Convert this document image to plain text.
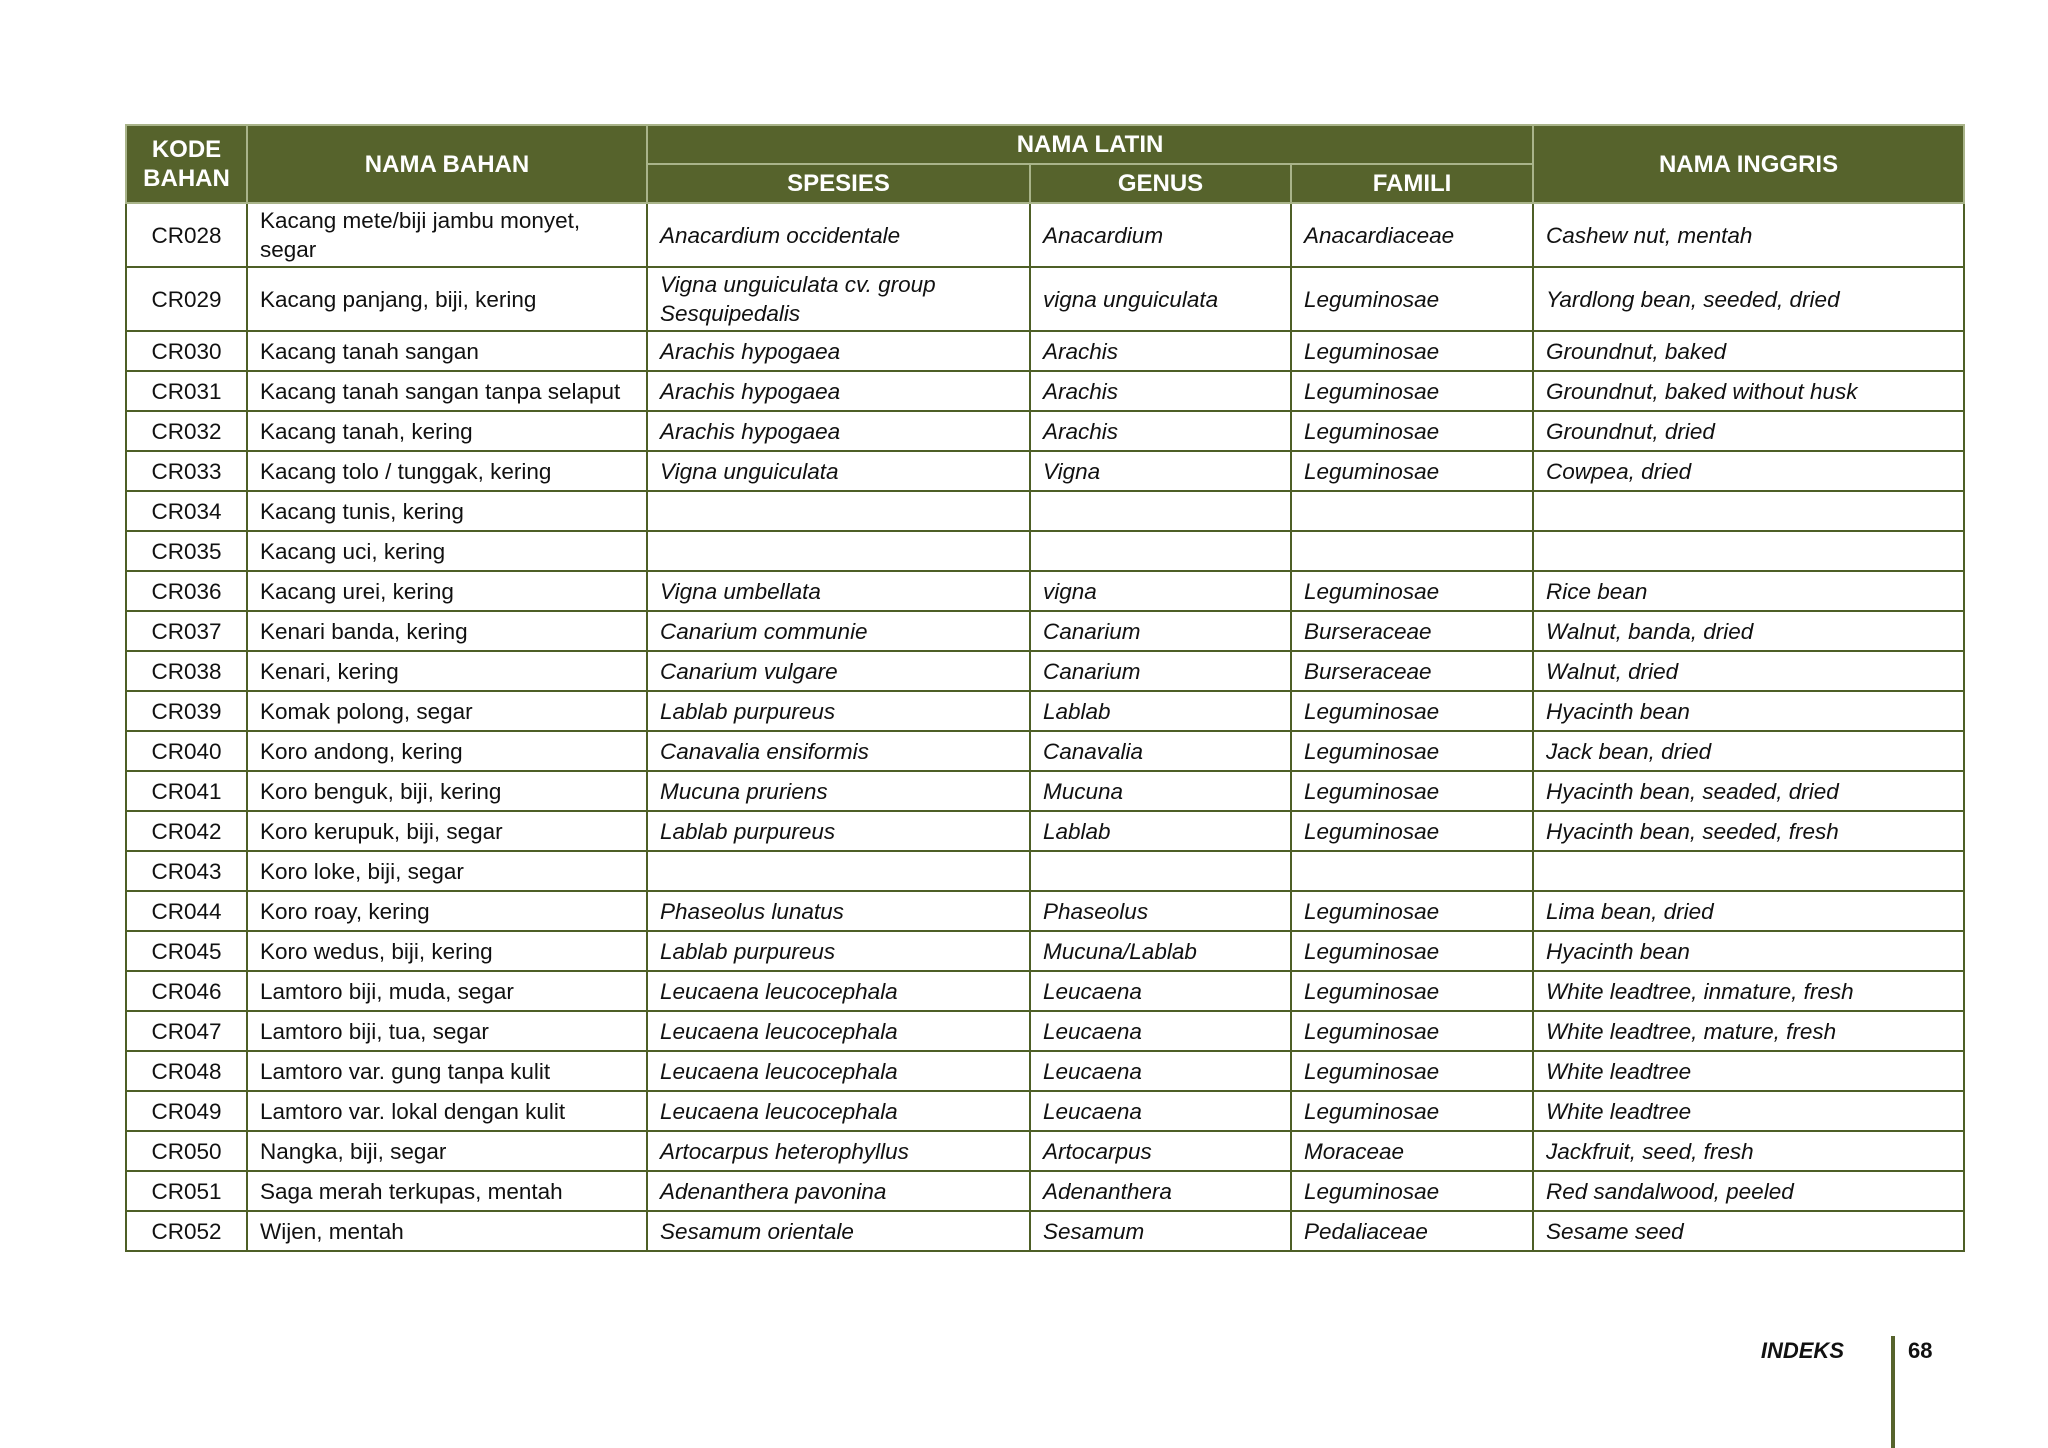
KODE BAHAN	NAMA BAHAN	NAMA LATIN			NAMA INGGRIS
		SPESIES	GENUS	FAMILI	
CR028	Kacang mete/biji jambu monyet, segar	Anacardium occidentale	Anacardium	Anacardiaceae	Cashew nut, mentah
CR029	Kacang panjang, biji, kering	Vigna unguiculata cv. group Sesquipedalis	vigna unguiculata	Leguminosae	Yardlong bean, seeded, dried
CR030	Kacang tanah sangan	Arachis hypogaea	Arachis	Leguminosae	Groundnut, baked
CR031	Kacang tanah sangan tanpa selaput	Arachis hypogaea	Arachis	Leguminosae	Groundnut, baked without husk
CR032	Kacang tanah, kering	Arachis hypogaea	Arachis	Leguminosae	Groundnut, dried
CR033	Kacang tolo / tunggak, kering	Vigna unguiculata	Vigna	Leguminosae	Cowpea, dried
CR034	Kacang tunis, kering				
CR035	Kacang uci, kering				
CR036	Kacang urei, kering	Vigna umbellata	vigna	Leguminosae	Rice bean
CR037	Kenari banda, kering	Canarium communie	Canarium	Burseraceae	Walnut, banda, dried
CR038	Kenari, kering	Canarium vulgare	Canarium	Burseraceae	Walnut, dried
CR039	Komak polong, segar	Lablab purpureus	Lablab	Leguminosae	Hyacinth bean
CR040	Koro andong, kering	Canavalia ensiformis	Canavalia	Leguminosae	Jack bean, dried
CR041	Koro benguk, biji, kering	Mucuna pruriens	Mucuna	Leguminosae	Hyacinth bean, seaded, dried
CR042	Koro kerupuk, biji, segar	Lablab purpureus	Lablab	Leguminosae	Hyacinth bean, seeded, fresh
CR043	Koro loke, biji, segar				
CR044	Koro roay, kering	Phaseolus lunatus	Phaseolus	Leguminosae	Lima bean, dried
CR045	Koro wedus, biji, kering	Lablab purpureus	Mucuna/Lablab	Leguminosae	Hyacinth bean
CR046	Lamtoro biji, muda, segar	Leucaena leucocephala	Leucaena	Leguminosae	White leadtree, inmature, fresh
CR047	Lamtoro biji, tua, segar	Leucaena leucocephala	Leucaena	Leguminosae	White leadtree, mature, fresh
CR048	Lamtoro var. gung tanpa kulit	Leucaena leucocephala	Leucaena	Leguminosae	White leadtree
CR049	Lamtoro var. lokal dengan kulit	Leucaena leucocephala	Leucaena	Leguminosae	White leadtree
CR050	Nangka, biji, segar	Artocarpus heterophyllus	Artocarpus	Moraceae	Jackfruit, seed, fresh
CR051	Saga merah terkupas, mentah	Adenanthera pavonina	Adenanthera	Leguminosae	Red sandalwood, peeled
CR052	Wijen, mentah	Sesamum orientale	Sesamum	Pedaliaceae	Sesame seed
INDEKS	68
